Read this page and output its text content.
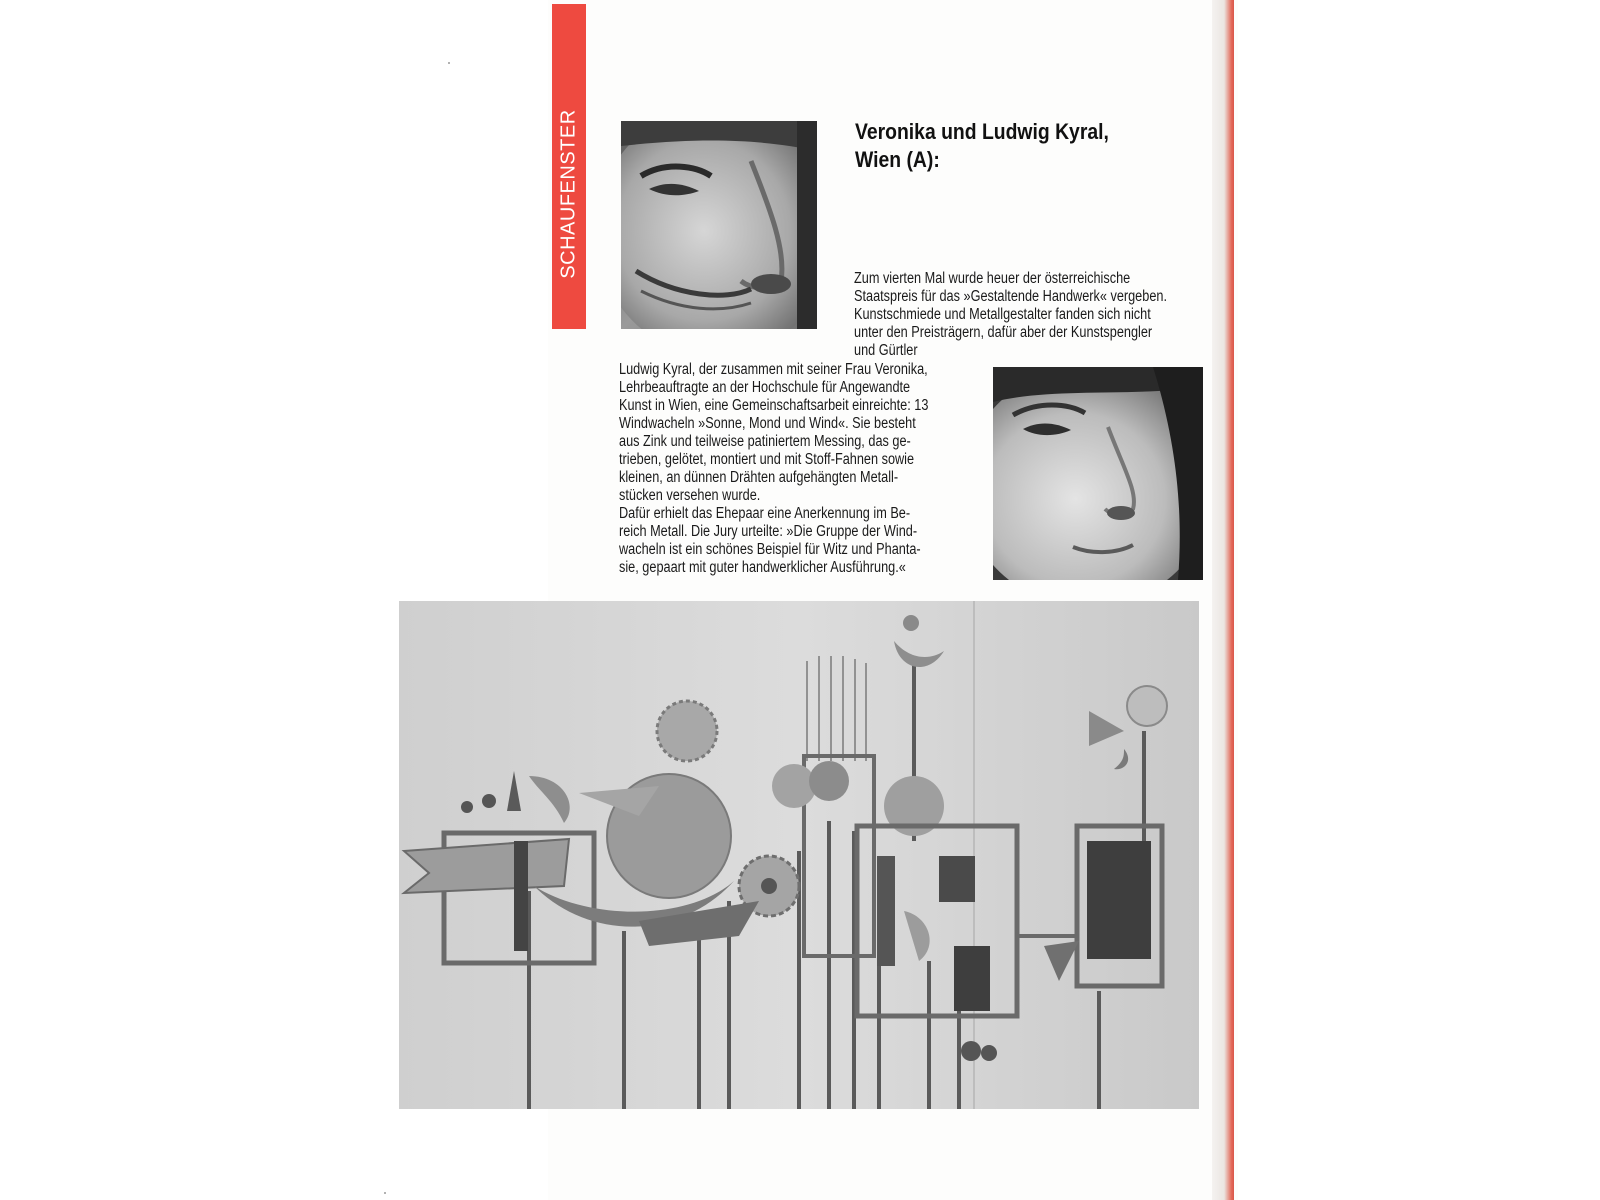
SCHAUFENSTER	Veronika und Ludwig Kyral,
Wien (A):
Zum vierten Mal wurde heuer der österreichische
Staatspreis für das »Gestaltende Handwerk« vergeben.
Kunstschmiede und Metallgestalter fanden sich nicht
unter den Preisträgern, dafür aber der Kunstspengler
und Gürtler
Ludwig Kyral, der zusammen mit seiner Frau Veronika,
Lehrbeauftragte an der Hochschule für Angewandte
Kunst in Wien, eine Gemeinschaftsarbeit einreichte: 13
Windwacheln »Sonne, Mond und Wind«. Sie besteht
aus Zink und teilweise patiniertem Messing, das ge-
trieben, gelötet, montiert und mit Stoff-Fahnen sowie
kleinen, an dünnen Drähten aufgehängten Metall-
stücken versehen wurde.
Dafür erhielt das Ehepaar eine Anerkennung im Be-
reich Metall. Die Jury urteilte: »Die Gruppe der Wind-
wacheln ist ein schönes Beispiel für Witz und Phanta-
sie, gepaart mit guter handwerklicher Ausführung.«
